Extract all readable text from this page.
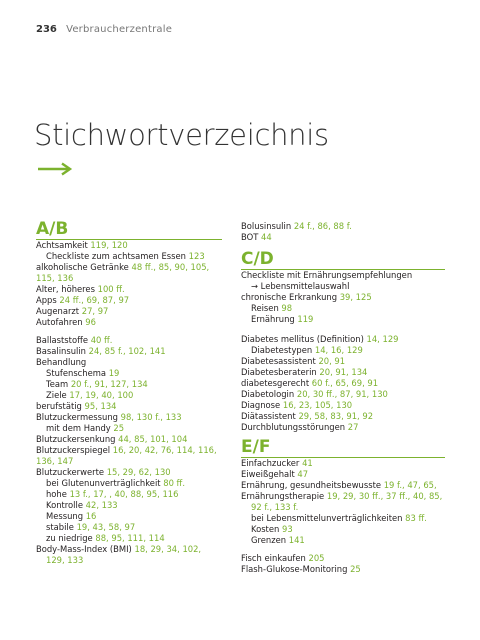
236 Verbraucherzentrale
Stichwortverzeichnis
A/B
Achtsamkeit 119, 120
Checkliste zum achtsamen Essen 123
alkoholische Getränke 48 ff., 85, 90, 105,
115, 136
Alter, höheres 100 ff.
Apps 24 ff., 69, 87, 97
Augenarzt 27, 97
Autofahren 96
Ballaststoffe 40 ff.
Basalinsulin 24, 85 f., 102, 141
Behandlung
Stufenschema 19
Team 20 f., 91, 127, 134
Ziele 17, 19, 40, 100
berufstätig 95, 134
Blutzuckermessung 98, 130 f., 133
mit dem Handy 25
Blutzuckersenkung 44, 85, 101, 104
Blutzuckerspiegel 16, 20, 42, 76, 114, 116,
136, 147
Blutzuckerwerte 15, 29, 62, 130
bei Glutenunverträglichkeit 80 ff.
hohe 13 f., 17, , 40, 88, 95, 116
Kontrolle 42, 133
Messung 16
stabile 19, 43, 58, 97
zu niedrige 88, 95, 111, 114
Body-Mass-Index (BMI) 18, 29, 34, 102,
129, 133
Bolusinsulin 24 f., 86, 88 f.
BOT 44
C/D
Checkliste mit Ernährungsempfehlungen
→ Lebensmittelauswahl
chronische Erkrankung 39, 125
Reisen 98
Ernährung 119
Diabetes mellitus (Definition) 14, 129
Diabetestypen 14, 16, 129
Diabetesassistent 20, 91
Diabetesberaterin 20, 91, 134
diabetesgerecht 60 f., 65, 69, 91
Diabetologin 20, 30 ff., 87, 91, 130
Diagnose 16, 23, 105, 130
Diätassistent 29, 58, 83, 91, 92
Durchblutungsstörungen 27
E/F
Einfachzucker 41
Eiweißgehalt 47
Ernährung, gesundheitsbewusste 19 f., 47, 65,
Ernährungstherapie 19, 29, 30 ff., 37 ff., 40, 85,
92 f., 133 f.
bei Lebensmittelunverträglichkeiten 83 ff.
Kosten 93
Grenzen 141
Fisch einkaufen 205
Flash-Glukose-Monitoring 25
